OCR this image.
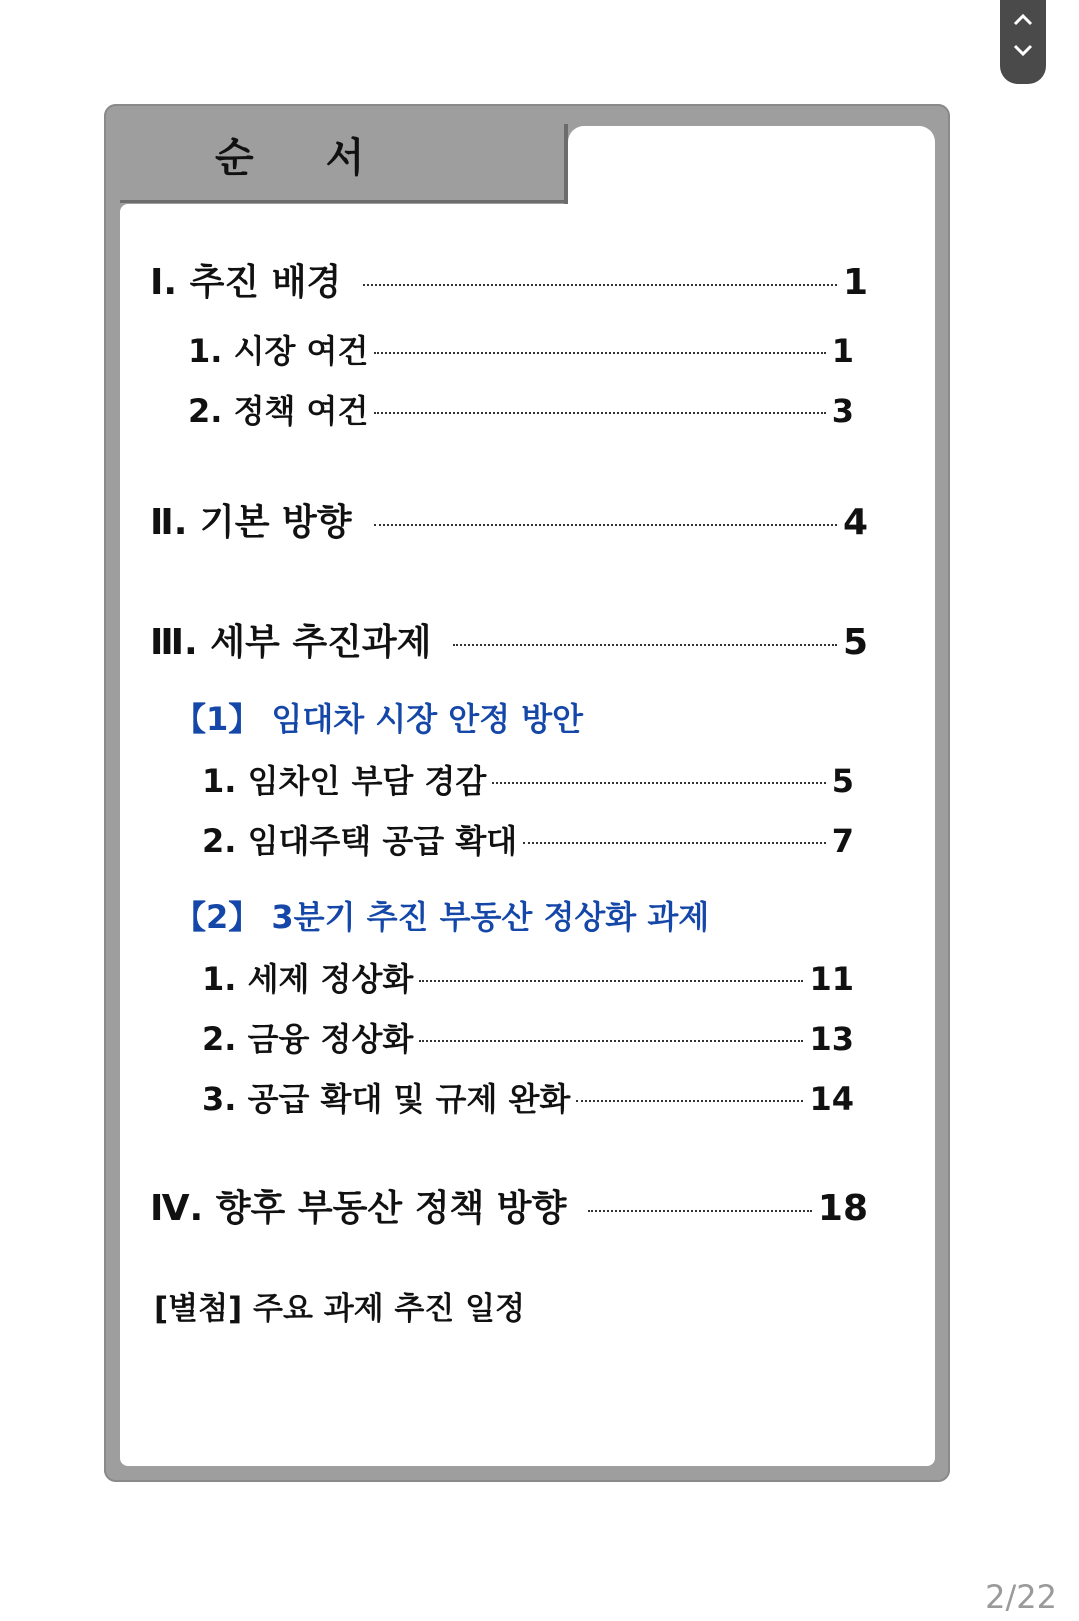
순 서
Ⅰ. 추진 배경	1
1. 시장 여건	1
2. 정책 여건	3
Ⅱ. 기본 방향	4
Ⅲ. 세부 추진과제	5
【1】 임대차 시장 안정 방안
1. 임차인 부담 경감	5
2. 임대주택 공급 확대	7
【2】 3분기 추진 부동산 정상화 과제
1. 세제 정상화	11
2. 금융 정상화	13
3. 공급 확대 및 규제 완화	14
Ⅳ. 향후 부동산 정책 방향	18
[별첨] 주요 과제 추진 일정
2/22
